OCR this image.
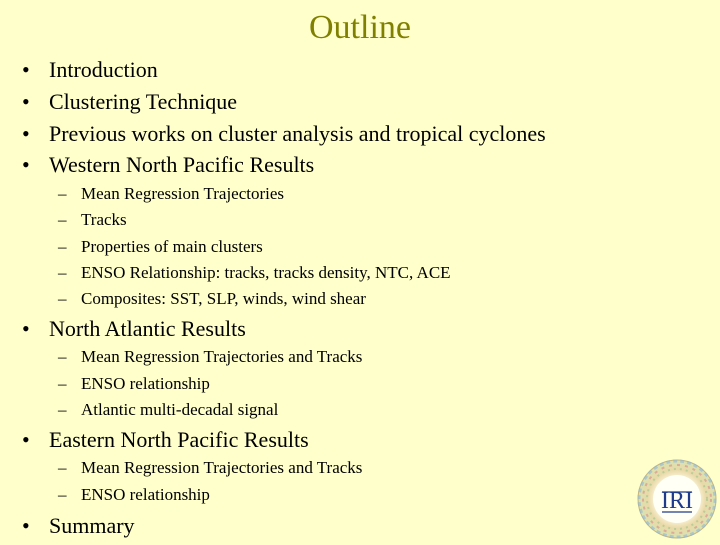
Outline
• Introduction
• Clustering Technique
• Previous works on cluster analysis and tropical cyclones
• Western North Pacific Results
– Mean Regression Trajectories
– Tracks
– Properties of main clusters
– ENSO Relationship: tracks, tracks density, NTC, ACE
– Composites: SST, SLP, winds, wind shear
• North Atlantic Results
– Mean Regression Trajectories and Tracks
– ENSO relationship
– Atlantic multi-decadal signal
• Eastern North Pacific Results
– Mean Regression Trajectories and Tracks
– ENSO relationship
• Summary
IRI
